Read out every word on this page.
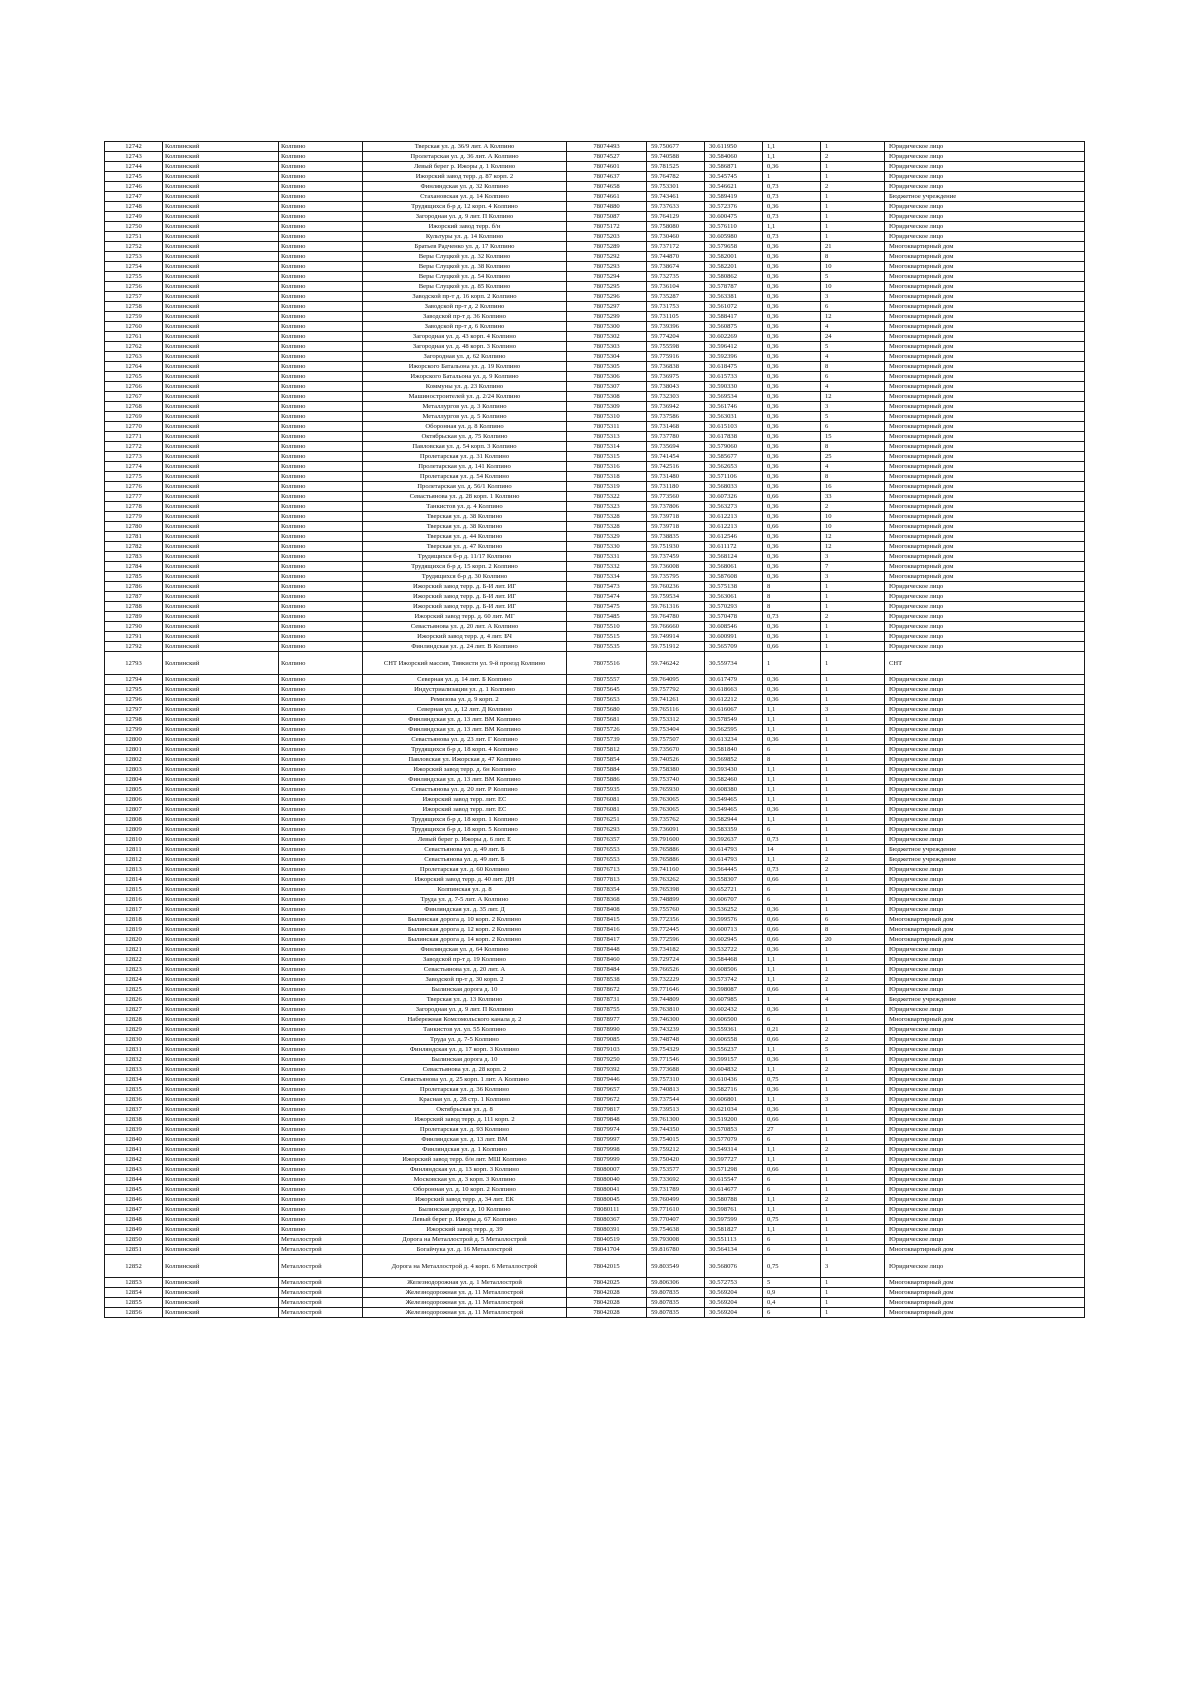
12742	Колпинский	Колпино	Тверская ул. д. 36/9 лит. А Колпино	78074493	59.750677	30.611950	1,1	1	Юридическое лицо
12743	Колпинский	Колпино	Пролетарская ул. д. 36 лит. А Колпино	78074527	59.740588	30.584060	1,1	2	Юридическое лицо
12744	Колпинский	Колпино	Левый берег р. Ижоры д. 1 Колпино	78074601	59.781525	30.586871	0,36	1	Юридическое лицо
12745	Колпинский	Колпино	Ижорский завод терр. д. 87 корп. 2	78074637	59.764782	30.545745	1	1	Юридическое лицо
12746	Колпинский	Колпино	Финляндская ул. д. 32 Колпино	78074658	59.753301	30.546621	0,73	2	Юридическое лицо
12747	Колпинский	Колпино	Стахановская ул. д. 14 Колпино	78074661	59.743461	30.589419	0,73	1	Бюджетное учреждение
12748	Колпинский	Колпино	Трудящихся б-р д. 12 корп. 4 Колпино	78074880	59.737633	30.572376	0,36	1	Юридическое лицо
12749	Колпинский	Колпино	Загородная ул. д. 9 лит. П Колпино	78075087	59.764129	30.600475	0,73	1	Юридическое лицо
12750	Колпинский	Колпино	Ижорский завод терр. б/н	78075172	59.758080	30.576110	1,1	1	Юридическое лицо
12751	Колпинский	Колпино	Культуры ул. д. 14 Колпино	78075203	59.730460	30.605980	0,73	1	Юридическое лицо
12752	Колпинский	Колпино	Братьев Радченко ул. д. 17 Колпино	78075289	59.737172	30.579658	0,36	21	Многоквартирный дом
12753	Колпинский	Колпино	Веры Слуцкой ул. д. 32 Колпино	78075292	59.744870	30.582001	0,36	8	Многоквартирный дом
12754	Колпинский	Колпино	Веры Слуцкой ул. д. 38 Колпино	78075293	59.738674	30.582201	0,36	10	Многоквартирный дом
12755	Колпинский	Колпино	Веры Слуцкой ул. д. 54 Колпино	78075294	59.732735	30.580862	0,36	5	Многоквартирный дом
12756	Колпинский	Колпино	Веры Слуцкой ул. д. 85 Колпино	78075295	59.736104	30.578787	0,36	10	Многоквартирный дом
12757	Колпинский	Колпино	Заводской пр-т д. 16 корп. 2 Колпино	78075296	59.735287	30.563381	0,36	3	Многоквартирный дом
12758	Колпинский	Колпино	Заводской пр-т д. 2 Колпино	78075297	59.731753	30.561072	0,36	6	Многоквартирный дом
12759	Колпинский	Колпино	Заводской пр-т д. 36 Колпино	78075299	59.731105	30.588417	0,36	12	Многоквартирный дом
12760	Колпинский	Колпино	Заводской пр-т д. 6 Колпино	78075300	59.739396	30.560875	0,36	4	Многоквартирный дом
12761	Колпинский	Колпино	Загородная ул. д. 43 корп. 4 Колпино	78075302	59.774204	30.602269	0,36	24	Многоквартирный дом
12762	Колпинский	Колпино	Загородная ул. д. 48 корп. 3 Колпино	78075303	59.755598	30.596412	0,36	5	Многоквартирный дом
12763	Колпинский	Колпино	Загородная ул. д. 62 Колпино	78075304	59.775916	30.592396	0,36	4	Многоквартирный дом
12764	Колпинский	Колпино	Ижорского Батальона ул. д. 19 Колпино	78075305	59.736838	30.618475	0,36	8	Многоквартирный дом
12765	Колпинский	Колпино	Ижорского Батальона ул. д. 9 Колпино	78075306	59.736975	30.615733	0,36	6	Многоквартирный дом
12766	Колпинский	Колпино	Коммуны ул. д. 23 Колпино	78075307	59.738043	30.590330	0,36	4	Многоквартирный дом
12767	Колпинский	Колпино	Машиностроителей ул. д. 2/24 Колпино	78075308	59.732303	30.569534	0,36	12	Многоквартирный дом
12768	Колпинский	Колпино	Металлургов ул. д. 3 Колпино	78075309	59.736942	30.561746	0,36	3	Многоквартирный дом
12769	Колпинский	Колпино	Металлургов ул. д. 5 Колпино	78075310	59.737586	30.563031	0,36	5	Многоквартирный дом
12770	Колпинский	Колпино	Оборонная ул. д. 8 Колпино	78075311	59.731468	30.615103	0,36	6	Многоквартирный дом
12771	Колпинский	Колпино	Октябрьская ул. д. 75 Колпино	78075313	59.737780	30.617838	0,36	15	Многоквартирный дом
12772	Колпинский	Колпино	Павловская ул. д. 54 корп. 3 Колпино	78075314	59.735694	30.579060	0,36	8	Многоквартирный дом
12773	Колпинский	Колпино	Пролетарская ул. д. 31 Колпино	78075315	59.741454	30.585677	0,36	25	Многоквартирный дом
12774	Колпинский	Колпино	Пролетарская ул. д. 141 Колпино	78075316	59.742516	30.562653	0,36	4	Многоквартирный дом
12775	Колпинский	Колпино	Пролетарская ул. д. 54 Колпино	78075318	59.731480	30.571106	0,36	8	Многоквартирный дом
12776	Колпинский	Колпино	Пролетарская ул. д. 56/1 Колпино	78075319	59.731180	30.568033	0,36	16	Многоквартирный дом
12777	Колпинский	Колпино	Севастьянова ул. д. 28 корп. 1 Колпино	78075322	59.773560	30.607326	0,66	33	Многоквартирный дом
12778	Колпинский	Колпино	Танкистов ул. д. 4 Колпино	78075323	59.737806	30.563273	0,36	2	Многоквартирный дом
12779	Колпинский	Колпино	Тверская ул. д. 38 Колпино	78075328	59.739718	30.612213	0,36	10	Многоквартирный дом
12780	Колпинский	Колпино	Тверская ул. д. 38 Колпино	78075328	59.739718	30.612213	0,66	10	Многоквартирный дом
12781	Колпинский	Колпино	Тверская ул. д. 44 Колпино	78075329	59.738835	30.612546	0,36	12	Многоквартирный дом
12782	Колпинский	Колпино	Тверская ул. д. 47 Колпино	78075330	59.751930	30.611172	0,36	12	Многоквартирный дом
12783	Колпинский	Колпино	Трудящихся б-р д. 11/17 Колпино	78075331	59.737459	30.568124	0,36	3	Многоквартирный дом
12784	Колпинский	Колпино	Трудящихся б-р д. 15 корп. 2 Колпино	78075332	59.736008	30.568061	0,36	7	Многоквартирный дом
12785	Колпинский	Колпино	Трудящихся б-р д. 30 Колпино	78075334	59.735795	30.587608	0,36	3	Многоквартирный дом
12786	Колпинский	Колпино	Ижорский завод терр. д. Б-И лит. ИГ	78075473	59.760236	30.575138	8	1	Юридическое лицо
12787	Колпинский	Колпино	Ижорский завод терр. д. Б-И лит. ИГ	78075474	59.759534	30.563061	8	1	Юридическое лицо
12788	Колпинский	Колпино	Ижорский завод терр. д. Б-И лит. ИГ	78075475	59.761316	30.570293	8	1	Юридическое лицо
12789	Колпинский	Колпино	Ижорский завод терр. д. 60 лит. МГ	78075485	59.764780	30.570478	0,73	2	Юридическое лицо
12790	Колпинский	Колпино	Севастьянова ул. д. 20 лит. А Колпино	78075510	59.766660	30.608546	0,36	1	Юридическое лицо
12791	Колпинский	Колпино	Ижорский завод терр. д. 4 лит. БЧ	78075515	59.749914	30.600991	0,36	1	Юридическое лицо
12792	Колпинский	Колпино	Финляндская ул. д. 24 лит. В Колпино	78075535	59.751912	30.565709	0,66	1	Юридическое лицо
12793	Колпинский	Колпино	СНТ Ижорский массив, Тявкисти ул. 9-й проезд Колпино	78075516	59.746242	30.559734	1	1	СНТ
12794	Колпинский	Колпино	Северная ул. д. 14 лит. Б Колпино	78075557	59.764095	30.617479	0,36	1	Юридическое лицо
12795	Колпинский	Колпино	Индустриализации ул. д. 1 Колпино	78075645	59.757792	30.618663	0,36	1	Юридическое лицо
12796	Колпинский	Колпино	Ремизова ул. д. 9 корп. 2	78075653	59.741261	30.612212	0,36	1	Юридическое лицо
12797	Колпинский	Колпино	Северная ул. д. 12 лит. Д Колпино	78075680	59.765116	30.616067	1,1	3	Юридическое лицо
12798	Колпинский	Колпино	Финляндская ул. д. 13 лит. ВМ Колпино	78075681	59.753312	30.578549	1,1	1	Юридическое лицо
12799	Колпинский	Колпино	Финляндская ул. д. 13 лит. ВМ Колпино	78075726	59.753404	30.562595	1,1	1	Юридическое лицо
12800	Колпинский	Колпино	Севастьянова ул. д. 23 лит. Г Колпино	78075739	59.757507	30.613234	0,36	1	Юридическое лицо
12801	Колпинский	Колпино	Трудящихся б-р д. 18 корп. 4 Колпино	78075812	59.735670	30.581840	6	1	Юридическое лицо
12802	Колпинский	Колпино	Павловская ул. Ижорская д. 47 Колпино	78075854	59.740526	30.569852	8	1	Юридическое лицо
12803	Колпинский	Колпино	Ижорский завод терр. д. 6н Колпино	78075884	59.758380	30.593430	1,1	1	Юридическое лицо
12804	Колпинский	Колпино	Финляндская ул. д. 13 лит. ВМ Колпино	78075886	59.753740	30.582460	1,1	1	Юридическое лицо
12805	Колпинский	Колпино	Севастьянова ул. д. 20 лит. Р Колпино	78075935	59.765930	30.608380	1,1	1	Юридическое лицо
12806	Колпинский	Колпино	Ижорский завод терр. лит. ЕС	78076081	59.763065	30.549465	1,1	1	Юридическое лицо
12807	Колпинский	Колпино	Ижорский завод терр. лит. ЕС	78076081	59.763065	30.549465	0,36	1	Юридическое лицо
12808	Колпинский	Колпино	Трудящихся б-р д. 18 корп. 1 Колпино	78076251	59.735762	30.582944	1,1	1	Юридическое лицо
12809	Колпинский	Колпино	Трудящихся б-р д. 18 корп. 5 Колпино	78076293	59.736091	30.583359	6	1	Юридическое лицо
12810	Колпинский	Колпино	Левый берег р. Ижоры д. 6 лит. Е	78076357	59.791600	30.592637	0,73	1	Юридическое лицо
12811	Колпинский	Колпино	Севастьянова ул. д. 49 лит. Б	78076553	59.765886	30.614793	14	1	Бюджетное учреждение
12812	Колпинский	Колпино	Севастьянова ул. д. 49 лит. Б	78076553	59.765886	30.614793	1,1	2	Бюджетное учреждение
12813	Колпинский	Колпино	Пролетарская ул. д. 60 Колпино	78076713	59.741160	30.564445	0,73	2	Юридическое лицо
12814	Колпинский	Колпино	Ижорский завод терр. д. 40 лит. ДН	78077813	59.763262	30.558307	0,66	1	Юридическое лицо
12815	Колпинский	Колпино	Колпинская ул. д. 8	78078354	59.765398	30.652721	6	1	Юридическое лицо
12816	Колпинский	Колпино	Труда ул. д. 7-5 лит. А Колпино	78078368	59.748899	30.606707	6	1	Юридическое лицо
12817	Колпинский	Колпино	Финляндская ул. д. 35 лит. Д	78078408	59.755760	30.536252	0,36	1	Юридическое лицо
12818	Колпинский	Колпино	Былинская дорога д. 10 корп. 2 Колпино	78078415	59.772356	30.599576	0,66	6	Многоквартирный дом
12819	Колпинский	Колпино	Былинская дорога д. 12 корп. 2 Колпино	78078416	59.772445	30.600713	0,66	8	Многоквартирный дом
12820	Колпинский	Колпино	Былинская дорога д. 14 корп. 2 Колпино	78078417	59.772596	30.602945	0,66	20	Многоквартирный дом
12821	Колпинский	Колпино	Финляндская ул. д. 64 Колпино	78078448	59.734182	30.532722	0,36	1	Юридическое лицо
12822	Колпинский	Колпино	Заводской пр-т д. 19 Колпино	78078460	59.729724	30.584468	1,1	1	Юридическое лицо
12823	Колпинский	Колпино	Севастьянова ул. д. 20 лит. А	78078484	59.766526	30.608506	1,1	1	Юридическое лицо
12824	Колпинский	Колпино	Заводской пр-т д. 30 корп. 2	78078538	59.732229	30.573742	1,1	2	Юридическое лицо
12825	Колпинский	Колпино	Былинская дорога д. 10	78078672	59.771646	30.598087	0,66	1	Юридическое лицо
12826	Колпинский	Колпино	Тверская ул. д. 13 Колпино	78078731	59.744809	30.607985	1	4	Бюджетное учреждение
12827	Колпинский	Колпино	Загородная ул. д. 9 лит. П Колпино	78078755	59.763810	30.602432	0,36	1	Юридическое лицо
12828	Колпинский	Колпино	Набережная Комсомольского канала д. 2	78078977	59.746300	30.606500	6	1	Многоквартирный дом
12829	Колпинский	Колпино	Танкистов ул. ул. 55 Колпино	78078990	59.743239	30.559361	0,21	2	Юридическое лицо
12830	Колпинский	Колпино	Труда ул. д. 7-5 Колпино	78079085	59.748748	30.606558	0,66	2	Юридическое лицо
12831	Колпинский	Колпино	Финляндская ул. д. 17 корп. 3 Колпино	78079103	59.754329	30.556237	1,1	5	Юридическое лицо
12832	Колпинский	Колпино	Былинская дорога д. 10	78079250	59.771546	30.599157	0,36	1	Юридическое лицо
12833	Колпинский	Колпино	Севастьянова ул. д. 28 корп. 2	78079392	59.773688	30.604832	1,1	2	Юридическое лицо
12834	Колпинский	Колпино	Севастьянова ул. д. 25 корп. 1 лит. А Колпино	78079446	59.757310	30.610436	0,75	1	Юридическое лицо
12835	Колпинский	Колпино	Пролетарская ул. д. 36 Колпино	78079657	59.740813	30.582716	0,36	1	Юридическое лицо
12836	Колпинский	Колпино	Красная ул. д. 28 стр. 1 Колпино	78079672	59.737544	30.606801	1,1	3	Юридическое лицо
12837	Колпинский	Колпино	Октябрьская ул. д. 8	78079817	59.739513	30.621034	0,36	1	Юридическое лицо
12838	Колпинский	Колпино	Ижорский завод терр. д. 111 корп. 2	78079848	59.761300	30.519200	0,66	1	Юридическое лицо
12839	Колпинский	Колпино	Пролетарская ул. д. 93 Колпино	78079974	59.744350	30.570853	27	1	Юридическое лицо
12840	Колпинский	Колпино	Финляндская ул. д. 13 лит. ВМ	78079997	59.754015	30.577079	6	1	Юридическое лицо
12841	Колпинский	Колпино	Финляндская ул. д. 1 Колпино	78079998	59.759212	30.549314	1,1	2	Юридическое лицо
12842	Колпинский	Колпино	Ижорский завод терр. б/н лит. МШ Колпино	78079999	59.750420	30.597727	1,1	1	Юридическое лицо
12843	Колпинский	Колпино	Финляндская ул. д. 13 корп. 3 Колпино	78080007	59.753577	30.571298	0,66	1	Юридическое лицо
12844	Колпинский	Колпино	Московская ул. д. 3 корп. 3 Колпино	78080040	59.733692	30.615547	6	1	Юридическое лицо
12845	Колпинский	Колпино	Оборонная ул. д. 10 корп. 2 Колпино	78080041	59.731789	30.614677	6	1	Юридическое лицо
12846	Колпинский	Колпино	Ижорский завод терр. д. 34 лит. ЕК	78080045	59.760499	30.580788	1,1	2	Юридическое лицо
12847	Колпинский	Колпино	Былинская дорога д. 10 Колпино	78080111	59.771610	30.598761	1,1	1	Юридическое лицо
12848	Колпинский	Колпино	Левый берег р. Ижоры д. 67 Колпино	78080367	59.770407	30.597599	0,75	1	Юридическое лицо
12849	Колпинский	Колпино	Ижорский завод терр. д. 39	78080391	59.754638	30.581827	1,1	1	Юридическое лицо
12850	Колпинский	Металлострой	Дорога на Металлострой д. 5 Металлострой	78040519	59.793008	30.551113	6	1	Юридическое лицо
12851	Колпинский	Металлострой	Богайчука ул. д. 16 Металлострой	78041704	59.816780	30.564134	6	1	Многоквартирный дом
12852	Колпинский	Металлострой	Дорога на Металлострой д. 4 корп. 6 Металлострой	78042015	59.803549	30.568076	0,75	3	Юридическое лицо
12853	Колпинский	Металлострой	Железнодорожная ул. д. 1 Металлострой	78042025	59.806306	30.572753	5	1	Многоквартирный дом
12854	Колпинский	Металлострой	Железнодорожная ул. д. 11 Металлострой	78042028	59.807835	30.569204	0,9	1	Многоквартирный дом
12855	Колпинский	Металлострой	Железнодорожная ул. д. 11 Металлострой	78042028	59.807835	30.569204	0,4	1	Многоквартирный дом
12856	Колпинский	Металлострой	Железнодорожная ул. д. 11 Металлострой	78042028	59.807835	30.569204	6	1	Многоквартирный дом
